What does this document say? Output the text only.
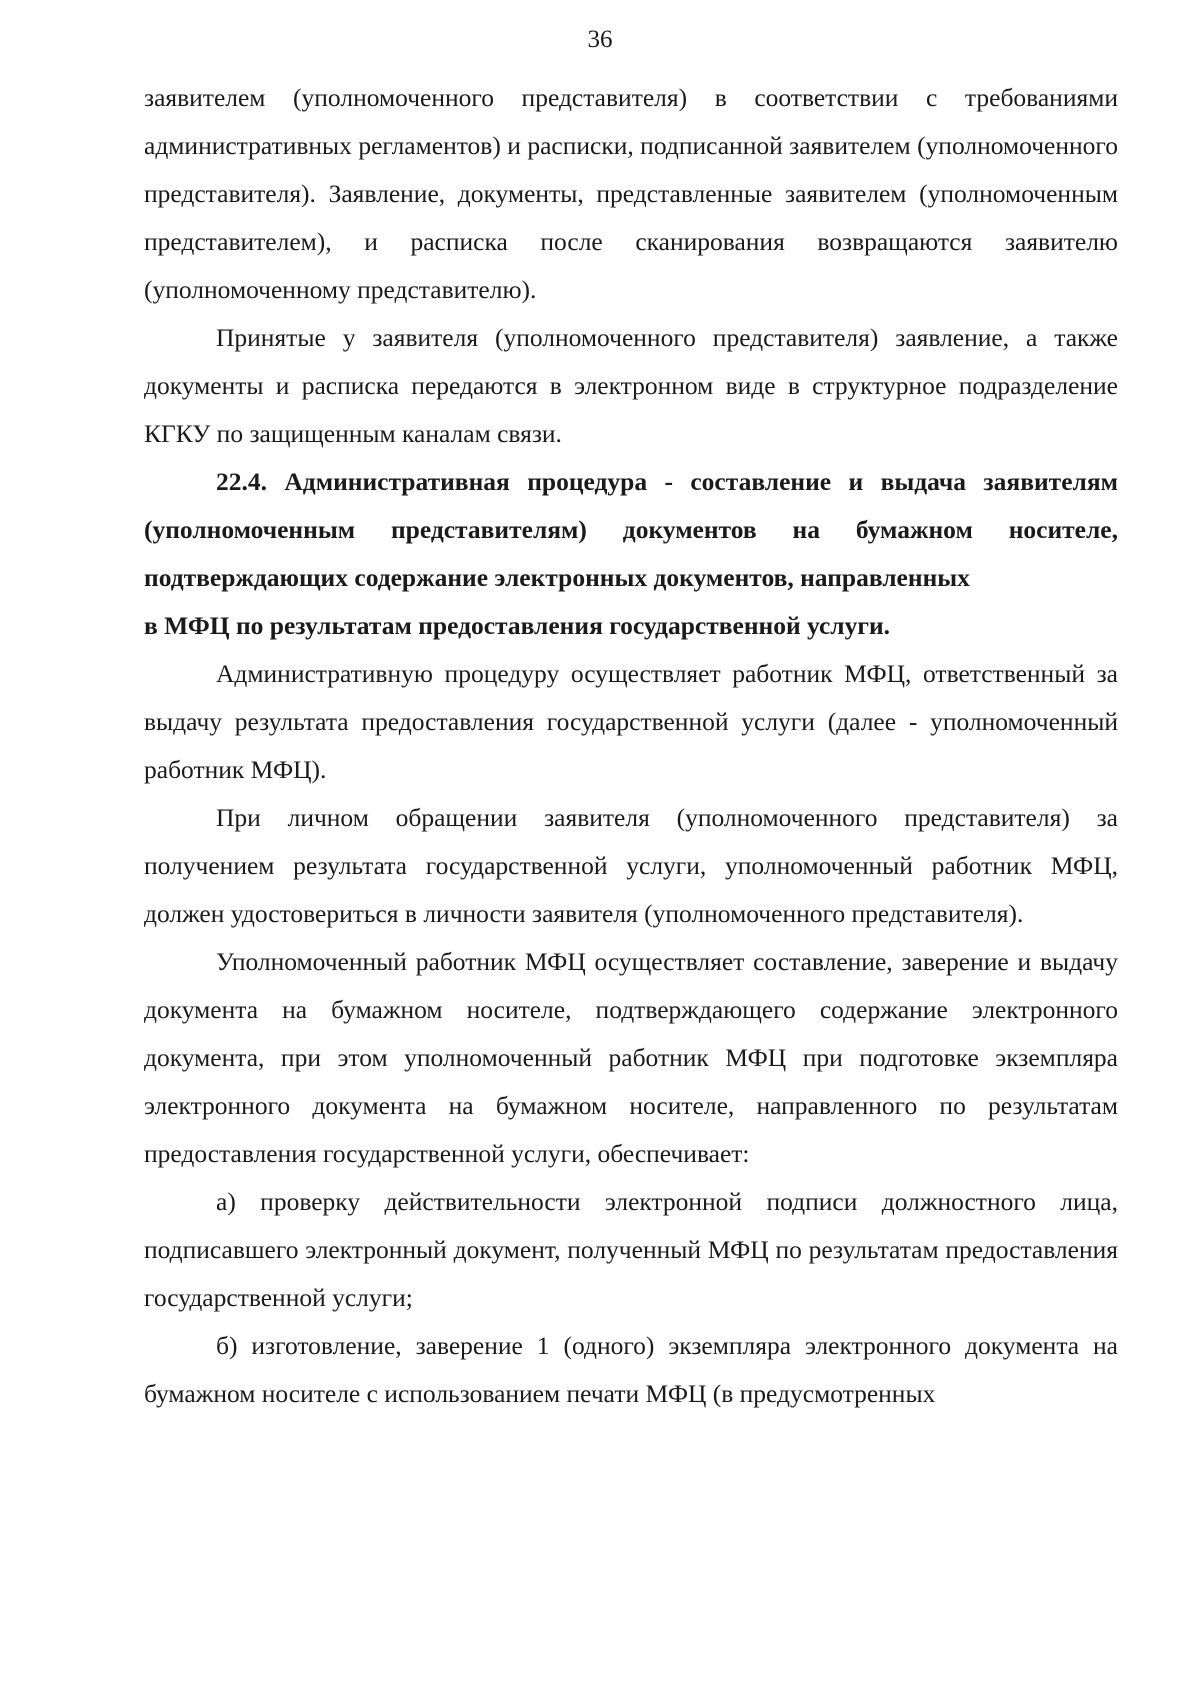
36

заявителем (уполномоченного представителя) в соответствии с требованиями административных регламентов) и расписки, подписанной заявителем (уполномоченного представителя). Заявление, документы, представленные заявителем (уполномоченным представителем), и расписка после сканирования возвращаются заявителю (уполномоченному представителю).

Принятые у заявителя (уполномоченного представителя) заявление, а также документы и расписка передаются в электронном виде в структурное подразделение КГКУ по защищенным каналам связи.

22.4. Административная процедура - составление и выдача заявителям (уполномоченным представителям) документов на бумажном носителе, подтверждающих содержание электронных документов, направленных

в МФЦ по результатам предоставления государственной услуги.

Административную процедуру осуществляет работник МФЦ, ответственный за выдачу результата предоставления государственной услуги (далее - уполномоченный работник МФЦ).

При личном обращении заявителя (уполномоченного представителя) за получением результата государственной услуги, уполномоченный работник МФЦ, должен удостовериться в личности заявителя (уполномоченного представителя).

Уполномоченный работник МФЦ осуществляет составление, заверение и выдачу документа на бумажном носителе, подтверждающего содержание электронного документа, при этом уполномоченный работник МФЦ при подготовке экземпляра электронного документа на бумажном носителе, направленного по результатам предоставления государственной услуги, обеспечивает:

а) проверку действительности электронной подписи должностного лица, подписавшего электронный документ, полученный МФЦ по результатам предоставления государственной услуги;

б) изготовление, заверение 1 (одного) экземпляра электронного документа на бумажном носителе с использованием печати МФЦ (в предусмотренных
